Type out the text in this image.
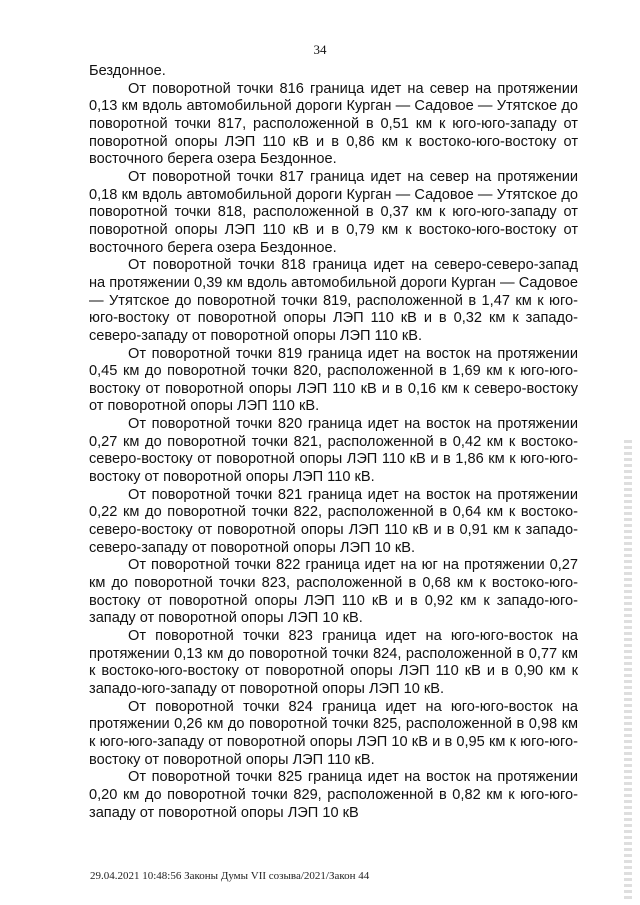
34

Бездонное.

От поворотной точки 816 граница идет на север на протяжении 0,13 км вдоль автомобильной дороги Курган — Садовое — Утятское до поворотной точки 817, расположенной в 0,51 км к юго-юго-западу от поворотной опоры ЛЭП 110 кВ и в 0,86 км к востоко-юго-востоку от восточного берега озера Бездонное.

От поворотной точки 817 граница идет на север на протяжении 0,18 км вдоль автомобильной дороги Курган — Садовое — Утятское до поворотной точки 818, расположенной в 0,37 км к юго-юго-западу от поворотной опоры ЛЭП 110 кВ и в 0,79 км к востоко-юго-востоку от восточного берега озера Бездонное.

От поворотной точки 818 граница идет на северо-северо-запад на протяжении 0,39 км вдоль автомобильной дороги Курган — Садовое — Утятское до поворотной точки 819, расположенной в 1,47 км к юго-юго-востоку от поворотной опоры ЛЭП 110 кВ и в 0,32 км к западо-северо-западу от поворотной опоры ЛЭП 110 кВ.

От поворотной точки 819 граница идет на восток на протяжении 0,45 км до поворотной точки 820, расположенной в 1,69 км к юго-юго-востоку от поворотной опоры ЛЭП 110 кВ и в 0,16 км к северо-востоку от поворотной опоры ЛЭП 110 кВ.

От поворотной точки 820 граница идет на восток на протяжении 0,27 км до поворотной точки 821, расположенной в 0,42 км к востоко-северо-востоку от поворотной опоры ЛЭП 110 кВ и в 1,86 км к юго-юго-востоку от поворотной опоры ЛЭП 110 кВ.

От поворотной точки 821 граница идет на восток на протяжении 0,22 км до поворотной точки 822, расположенной в 0,64 км к востоко-северо-востоку от поворотной опоры ЛЭП 110 кВ и в 0,91 км к западо-северо-западу от поворотной опоры ЛЭП 10 кВ.

От поворотной точки 822 граница идет на юг на протяжении 0,27 км до поворотной точки 823, расположенной в 0,68 км к востоко-юго-востоку от поворотной опоры ЛЭП 110 кВ и в 0,92 км к западо-юго-западу от поворотной опоры ЛЭП 10 кВ.

От поворотной точки 823 граница идет на юго-юго-восток на протяжении 0,13 км до поворотной точки 824, расположенной в 0,77 км к востоко-юго-востоку от поворотной опоры ЛЭП 110 кВ и в 0,90 км к западо-юго-западу от поворотной опоры ЛЭП 10 кВ.

От поворотной точки 824 граница идет на юго-юго-восток на протяжении 0,26 км до поворотной точки 825, расположенной в 0,98 км к юго-юго-западу от поворотной опоры ЛЭП 10 кВ и в 0,95 км к юго-юго-востоку от поворотной опоры ЛЭП 110 кВ.

От поворотной точки 825 граница идет на восток на протяжении 0,20 км до поворотной точки 829, расположенной в 0,82 км к юго-юго-западу от поворотной опоры ЛЭП 10 кВ

29.04.2021 10:48:56 Законы Думы VII созыва/2021/Закон 44
